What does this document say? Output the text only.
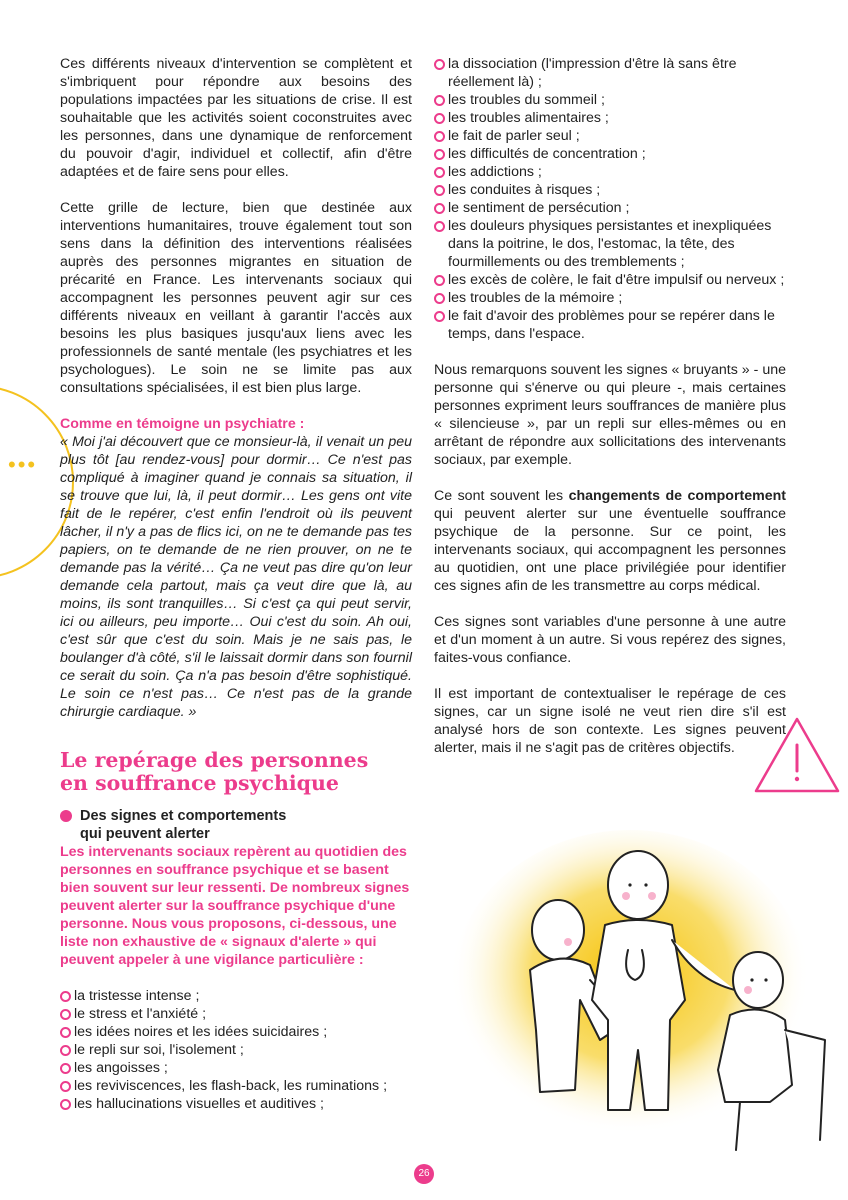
•••

Ces différents niveaux d'intervention se complètent et s'imbriquent pour répondre aux besoins des populations impactées par les situations de crise. Il est souhaitable que les activités soient coconstruites avec les personnes, dans une dynamique de renforcement du pouvoir d'agir, individuel et collectif, afin d'être adaptées et de faire sens pour elles.

Cette grille de lecture, bien que destinée aux interventions humanitaires, trouve également tout son sens dans la définition des interventions réalisées auprès des personnes migrantes en situation de précarité en France. Les intervenants sociaux qui accompagnent les personnes peuvent agir sur ces différents niveaux en veillant à garantir l'accès aux besoins les plus basiques jusqu'aux liens avec les professionnels de santé mentale (les psychiatres et les psychologues). Le soin ne se limite pas aux consultations spécialisées, il est bien plus large.

Comme en témoigne un psychiatre :
« Moi j'ai découvert que ce monsieur-là, il venait un peu plus tôt [au rendez-vous] pour dormir… Ce n'est pas compliqué à imaginer quand je connais sa situation, il se trouve que lui, là, il peut dormir… Les gens ont vite fait de le repérer, c'est enfin l'endroit où ils peuvent lâcher, il n'y a pas de flics ici, on ne te demande pas tes papiers, on te demande de ne rien prouver, on ne te demande pas la vérité… Ça ne veut pas dire qu'on leur demande cela partout, mais ça veut dire que là, au moins, ils sont tranquilles… Si c'est ça qui peut servir, ici ou ailleurs, peu importe… Oui c'est du soin. Ah oui, c'est sûr que c'est du soin. Mais je ne sais pas, le boulanger d'à côté, s'il le laissait dormir dans son fournil ce serait du soin. Ça n'a pas besoin d'être sophistiqué. Le soin ce n'est pas… Ce n'est pas de la grande chirurgie cardiaque. »
Le repérage des personnes
en souffrance psychique
Des signes et comportements
qui peuvent alerter
Les intervenants sociaux repèrent au quotidien des personnes en souffrance psychique et se basent bien souvent sur leur ressenti. De nombreux signes peuvent alerter sur la souffrance psychique d'une personne. Nous vous proposons, ci-dessous, une liste non exhaustive de « signaux d'alerte » qui peuvent appeler à une vigilance particulière :
la tristesse intense ;
le stress et l'anxiété ;
les idées noires et les idées suicidaires ;
le repli sur soi, l'isolement ;
les angoisses ;
les reviviscences, les flash-back, les ruminations ;
les hallucinations visuelles et auditives ;
la dissociation (l'impression d'être là sans être réellement là) ;
les troubles du sommeil ;
les troubles alimentaires ;
le fait de parler seul ;
les difficultés de concentration ;
les addictions ;
les conduites à risques ;
le sentiment de persécution ;
les douleurs physiques persistantes et inexpliquées dans la poitrine, le dos, l'estomac, la tête, des fourmillements ou des tremblements ;
les excès de colère, le fait d'être impulsif ou nerveux ;
les troubles de la mémoire ;
le fait d'avoir des problèmes pour se repérer dans le temps, dans l'espace.

Nous remarquons souvent les signes « bruyants » - une personne qui s'énerve ou qui pleure -, mais certaines personnes expriment leurs souffrances de manière plus « silencieuse », par un repli sur elles-mêmes ou en arrêtant de répondre aux sollicitations des intervenants sociaux, par exemple.

Ce sont souvent les changements de comportement qui peuvent alerter sur une éventuelle souffrance psychique de la personne. Sur ce point, les intervenants sociaux, qui accompagnent les personnes au quotidien, ont une place privilégiée pour identifier ces signes afin de les transmettre au corps médical.

Ces signes sont variables d'une personne à une autre et d'un moment à un autre. Si vous repérez des signes, faites-vous confiance.

Il est important de contextualiser le repérage de ces signes, car un signe isolé ne veut rien dire s'il est analysé hors de son contexte. Les signes peuvent alerter, mais il ne s'agit pas de critères objectifs.

26
